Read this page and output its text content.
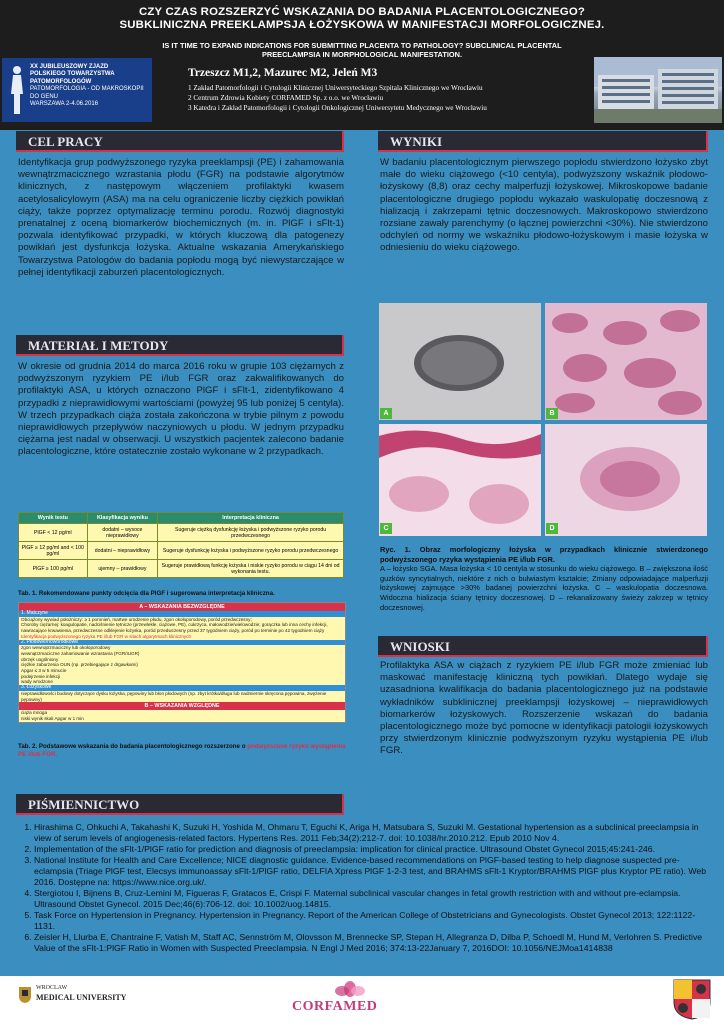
CZY CZAS ROZSZERZYĆ WSKAZANIA DO BADANIA PLACENTOLOGICZNEGO?
SUBKLINICZNA PREEKLAMPSJA ŁOŻYSKOWA W MANIFESTACJI MORFOLOGICZNEJ.
IS IT TIME TO EXPAND INDICATIONS FOR SUBMITTING PLACENTA TO PATHOLOGY? SUBCLINICAL PLACENTAL
PREECLAMPSIA IN MORPHOLOGICAL MANIFESTATION.
XX JUBILEUSZOWY ZJAZD
POLSKIEGO TOWARZYSTWA
PATOMORFOLOGÓW
PATOMORFOLOGIA - OD MAKROSKOPII DO GENU
WARSZAWA 2-4.06.2016
Trzeszcz M1,2, Mazurec M2, Jeleń M3
1 Zakład Patomorfologii i Cytologii Klinicznej Uniwersyteckiego Szpitala Klinicznego we Wrocławiu
2 Centrum Zdrowia Kobiety CORFAMED Sp. z o.o. we Wrocławiu
3 Katedra i Zakład Patomorfologii i Cytologii Onkologicznej Uniwersytetu Medycznego we Wrocławiu
CEL PRACY

Identyfikacja grup podwyższonego ryzyka preeklampsji (PE) i zahamowania wewnątrzmacicznego wzrastania płodu (FGR) na podstawie algorytmów klinicznych, z następowym włączeniem profilaktyki kwasem acetylosalicylowym (ASA) ma na celu ograniczenie liczby ciężkich powikłań ciąży, także poprzez optymalizację terminu porodu. Rozwój diagnostyki prenatalnej z oceną biomarkerów biochemicznych (m. in. PlGF i sFlt-1) pozwala identyfikować przypadki, w których kluczową dla patogenezy powikłań jest dysfunkcja łożyska. Aktualne wskazania Amerykańskiego Towarzystwa Patologów do badania popłodu mogą być niewystarczające w pełnej identyfikacji zaburzeń placentologicznych.

MATERIAŁ I METODY

W okresie od grudnia 2014 do marca 2016 roku w grupie 103 ciężarnych z podwyższonym ryzykiem PE i/lub FGR oraz zakwalifikowanych do profilaktyki ASA, u których oznaczono PlGF i sFlt-1, zidentyfikowano 4 przypadki z nieprawidłowymi wartościami (powyżej 95 lub poniżej 5 centyla). W trzech przypadkach ciąża została zakończona w trybie pilnym z powodu nieprawidłowych przepływów naczyniowych u płodu. W jednym przypadku ciężarna jest nadal w obserwacji. U wszystkich pacjentek zalecono badanie placentologiczne, które ostatecznie zostało wykonane w 2 przypadkach.

Wynik testu	Klasyfikacja wyniku	Interpretacja kliniczna
PlGF < 12 pg/ml	dodatni – wysoce nieprawidłowy	Sugeruje ciężką dysfunkcję łożyska i podwyższone ryzyko porodu przedwczesnego
PlGF ≥ 12 pg/ml and < 100 pg/ml	dodatni – nieprawidłowy	Sugeruje dysfunkcję łożyska i podwyższone ryzyko porodu przedwczesnego
PlGF ≥ 100 pg/ml	ujemny – prawidłowy	Sugeruje prawidłową funkcję łożyska i niskie ryzyko porodu w ciągu 14 dni od wykonania testu.
Tab. 1. Rekomendowane punkty odcięcia dla PlGF i sugerowana interpretacja kliniczna.
A – WSKAZANIA BEZWZGLĘDNE
1. Matczyne
Obciążony wywiad położniczy: ≥ 1 poronień, martwe urodzenie płodu, zgon okołoporodowy, poród przedwczesny;
Choroby ciężarnej: koagulopatie, nadciśnienie tętnicze (przewlekłe, ciążowe, PE), cukrzyca, małowodzie/wielowodzie; gorączka lub inna cechy infekcji, nawracające krwawienia, przedwczesne odklejenie łożyska, poród przedwczesny przed 37 tygodniem ciąży, poród po terminie po 42 tygodniem ciąży
Identyfikacja podwyższonego ryzyka PE i/lub FGR w sitach algorytmach klinicznych
2. Płodowe/noworodkowe
zgon wewnątrzmaciczny lub okołoporodowy
wewnątrzmaciczne zahamowanie wzrastania (FGR/IUGR)
obrzęk uogólniony
ciężkie zaburzenia OUN (np. przebiegające z drgawkami)
Apgar ≤ 3 w 5 minucie
podejrzenie infekcji
wady wrodzone
3. Łożyskowe
nieprawidłowości budowy dotyczące dysku łożyska, pępowiny lub błon płodowych (np. zbyt krótka/długa lub nadmiernie skręcona pępowina, zwężenie pępowiny)
B – WSKAZANIA WZGLĘDNE
ciąża mnoga
niski wynik skali Apgar w 1 min
Tab. 2. Podstawowe wskazania do badania placentologicznego rozszerzone o podwyższone ryzyko wystąpienia PE i/lub FGR.
WYNIKI

W badaniu placentologicznym pierwszego popłodu stwierdzono łożysko zbyt małe do wieku ciążowego (<10 centyla), podwyższony wskaźnik płodowo-łożyskowy (8,8) oraz cechy malperfuzji łożyskowej. Mikroskopowe badanie placentologiczne drugiego popłodu wykazało waskulopatię doczesnową z hializacją i zakrzepami tętnic doczesnowych. Makroskopowo stwierdzono rozsiane zawały parenchymy (o łącznej powierzchni <30%). Nie stwierdzono odchyleń od normy we wskaźniku płodowo-łożyskowym i masie łożyska w odniesieniu do wieku ciążowego.

A	B
C	D
Ryc. 1. Obraz morfologiczny łożyska w przypadkach klinicznie stwierdzonego podwyższonego ryzyka wystąpienia PE i/lub FGR.
A – łożysko SGA. Masa łożyska < 10 centyla w stosunku do wieku ciążowego. B – zwiększona ilość guzków syncytialnych, niektóre z nich o bulwiastym kształcie; Zmiany odpowiadające malperfuzji łożyskowej zajmujące >30% badanej powierzchni łożyska. C – waskulopatia doczesnowa. Widoczna hializacja ściany tętnicy doczesnowej. D – rekanalizowany świeży zakrzep w tętnicy doczesnowej.
WNIOSKI

Profilaktyka ASA w ciążach z ryzykiem PE i/lub FGR może zmieniać lub maskować manifestację kliniczną tych powikłań. Dlatego wydaje się uzasadniona kwalifikacja do badania placentologicznego już na podstawie wykładników subklinicznej preeklampsji łożyskowej – nieprawidłowych biomarkerów łożyskowych. Rozszerzenie wskazań do badania placentologicznego może być pomocne w identyfikacji patologii łożyskowych przy stwierdzonym klinicznie podwyższonym ryzyku wystąpienia PE i/lub FGR.

PIŚMIENNICTWO
1. Hirashima C, Ohkuchi A, Takahashi K, Suzuki H, Yoshida M, Ohmaru T, Eguchi K, Ariga H, Matsubara S, Suzuki M. Gestational hypertension as a subclinical preeclampsia in view of serum levels of angiogenesis-related factors. Hypertens Res. 2011 Feb;34(2):212-7. doi: 10.1038/hr.2010.212. Epub 2010 Nov 4.
2. Implementation of the sFlt-1/PlGF ratio for prediction and diagnosis of preeclampsia: implication for clinical practice. Ultrasound Obstet Gynecol 2015;45:241-246.
3. National Institute for Health and Care Excellence; NICE diagnostic guidance. Evidence-based recommendations on PlGF-based testing to help diagnose suspected pre-eclampsia (Triage PlGF test, Elecsys immunoassay sFlt-1/PlGF ratio, DELFIA Xpress PlGF 1-2-3 test, and BRAHMS sFlt-1 Kryptor/BRAHMS PlGF plus Kryptor PE ratio). Web 2016. Dostępne na: https://www.nice.org.uk/.
4. Stergiotou I, Bijnens B, Cruz-Lemini M, Figueras F, Gratacos E, Crispi F. Maternal subclinical vascular changes in fetal growth restriction with and without pre-eclampsia. Ultrasound Obstet Gynecol. 2015 Dec;46(6):706-12. doi: 10.1002/uog.14815.
5. Task Force on Hypertension in Pregnancy. Hypertension in Pregnancy. Report of the American College of Obstetricians and Gynecologists. Obstet Gynecol 2013; 122:1122-1131.
6. Zeisler H, Llurba E, Chantraine F, Vatish M, Staff AC, Sennström M, Olovsson M, Brennecke SP, Stepan H, Allegranza D, Dilba P, Schoedl M, Hund M, Verlohren S. Predictive Value of the sFlt-1:PlGF Ratio in Women with Suspected Preeclampsia. N Engl J Med 2016; 374:13-22January 7, 2016DOI: 10.1056/NEJMoa1414838
WROCLAW
MEDICAL UNIVERSITY
CORFAMED
